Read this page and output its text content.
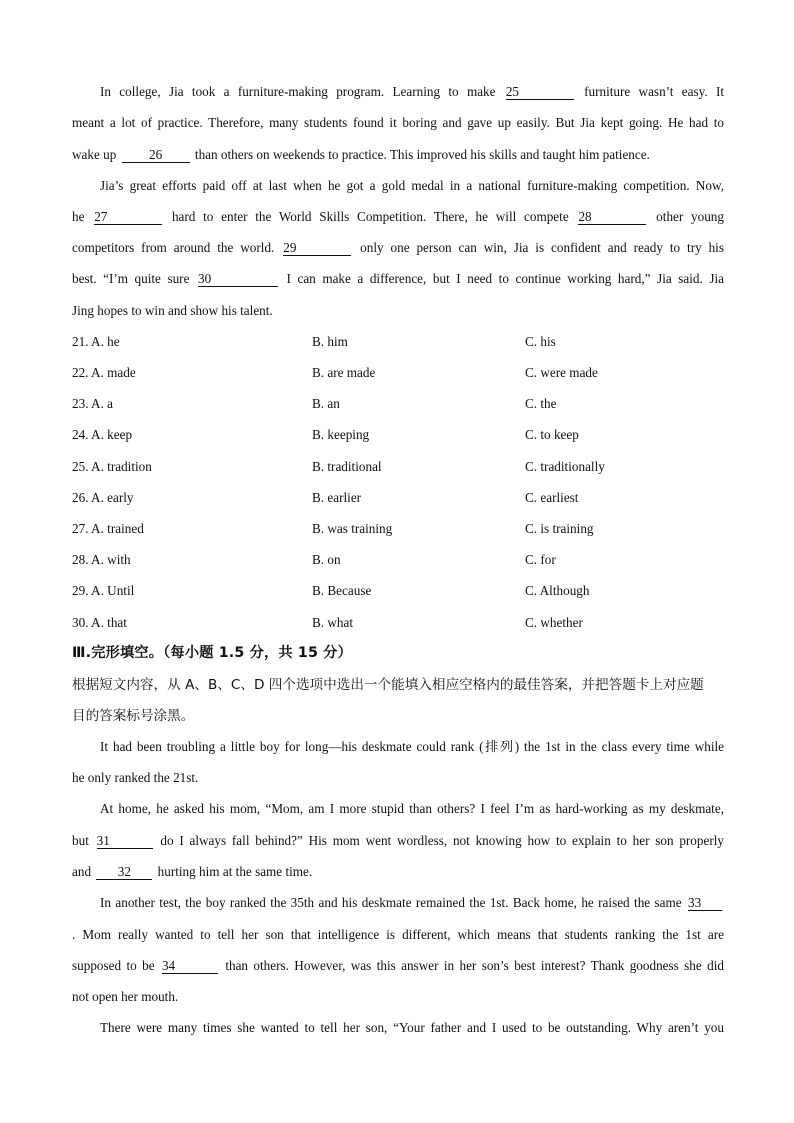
In college, Jia took a furniture-making program. Learning to make 25	furniture wasn’t easy. It
meant a lot of practice. Therefore, many students found it boring and gave up easily. But Jia kept going. He had to
wake up 26 than others on weekends to practice. This improved his skills and taught him patience.
Jia’s great efforts paid off at last when he got a gold medal in a national furniture-making competition. Now,
he 27	hard to enter the World Skills Competition. There, he will compete 28	other young
competitors from around the world. 29	only one person can win, Jia is confident and ready to try his
best. “I’m quite sure 30	I can make a difference, but I need to continue working hard,” Jia said. Jia
Jing hopes to win and show his talent.
21. A. he	B. him	C. his
22. A. made	B. are made	C. were made
23. A. a	B. an	C. the
24. A. keep	B. keeping	C. to keep
25. A. tradition	B. traditional	C. traditionally
26. A. early	B. earlier	C. earliest
27. A. trained	B. was training	C. is training
28. A. with	B. on	C. for
29. A. Until	B. Because	C. Although
30. A. that	B. what	C. whether
Ⅲ.完形填空。（每小题 1.5 分，共 15 分）
根据短文内容，从 A、B、C、D 四个选项中选出一个能填入相应空格内的最佳答案，并把答题卡上对应题
目的答案标号涂黑。
It had been troubling a little boy for long—his deskmate could rank (排列) the 1st in the class every time while
he only ranked the 21st.
At home, he asked his mom, “Mom, am I more stupid than others? I feel I’m as hard-working as my deskmate,
but 31	do I always fall behind?” His mom went wordless, not knowing how to explain to her son properly
and 32 hurting him at the same time.
In another test, the boy ranked the 35th and his deskmate remained the 1st. Back home, he raised the same 33
. Mom really wanted to tell her son that intelligence is different, which means that students ranking the 1st are
supposed to be 34	than others. However, was this answer in her son’s best interest? Thank goodness she did
not open her mouth.
There were many times she wanted to tell her son, “Your father and I used to be outstanding. Why aren’t you
